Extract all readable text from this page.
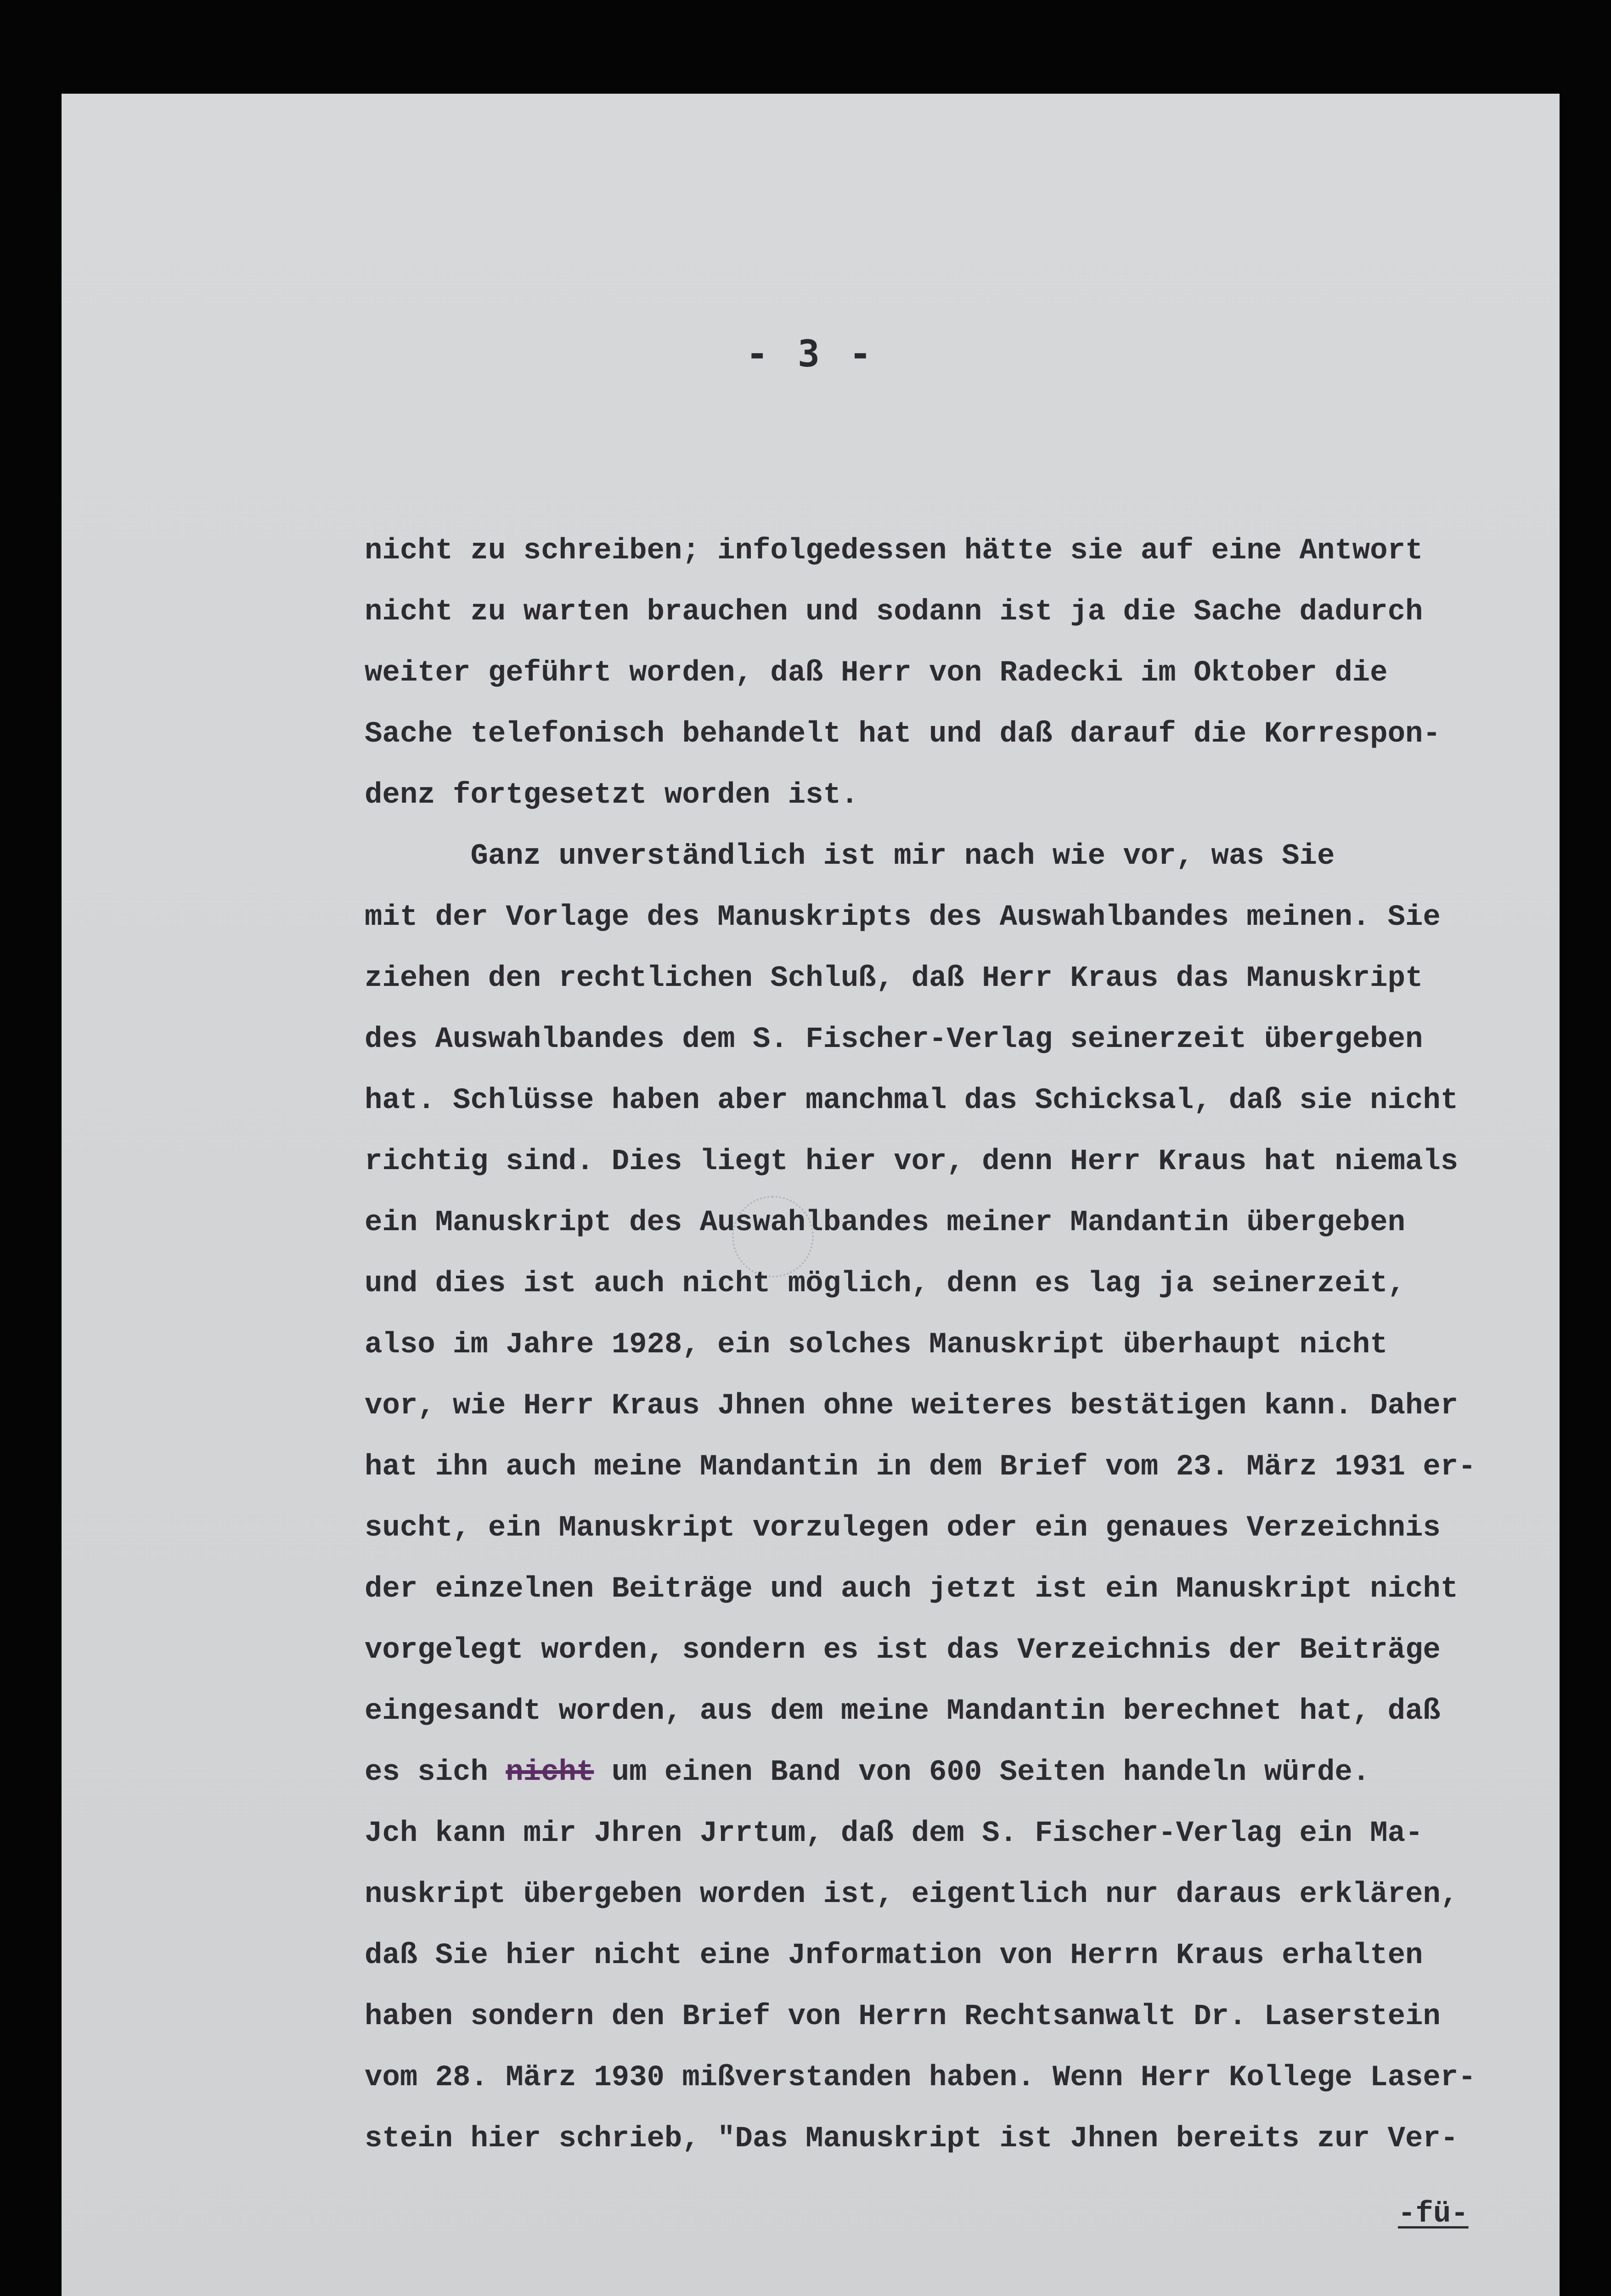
- 3 -
nicht zu schreiben; infolgedessen hätte sie auf eine Antwort
nicht zu warten brauchen und sodann ist ja die Sache dadurch
weiter geführt worden, daß Herr von Radecki im Oktober die
Sache telefonisch behandelt hat und daß darauf die Korrespon-
denz fortgesetzt worden ist.
Ganz unverständlich ist mir nach wie vor, was Sie
mit der Vorlage des Manuskripts des Auswahlbandes meinen. Sie
ziehen den rechtlichen Schluß, daß Herr Kraus das Manuskript
des Auswahlbandes dem S. Fischer-Verlag seinerzeit übergeben
hat. Schlüsse haben aber manchmal das Schicksal, daß sie nicht
richtig sind. Dies liegt hier vor, denn Herr Kraus hat niemals
ein Manuskript des Auswahlbandes meiner Mandantin übergeben
und dies ist auch nicht möglich, denn es lag ja seinerzeit,
also im Jahre 1928, ein solches Manuskript überhaupt nicht
vor, wie Herr Kraus Jhnen ohne weiteres bestätigen kann. Daher
hat ihn auch meine Mandantin in dem Brief vom 23. März 1931 er-
sucht, ein Manuskript vorzulegen oder ein genaues Verzeichnis
der einzelnen Beiträge und auch jetzt ist ein Manuskript nicht
vorgelegt worden, sondern es ist das Verzeichnis der Beiträge
eingesandt worden, aus dem meine Mandantin berechnet hat, daß
es sich nicht um einen Band von 600 Seiten handeln würde.
Jch kann mir Jhren Jrrtum, daß dem S. Fischer-Verlag ein Ma-
nuskript übergeben worden ist, eigentlich nur daraus erklären,
daß Sie hier nicht eine Jnformation von Herrn Kraus erhalten
haben sondern den Brief von Herrn Rechtsanwalt Dr. Laserstein
vom 28. März 1930 mißverstanden haben. Wenn Herr Kollege Laser-
stein hier schrieb, "Das Manuskript ist Jhnen bereits zur Ver-
-fü-
